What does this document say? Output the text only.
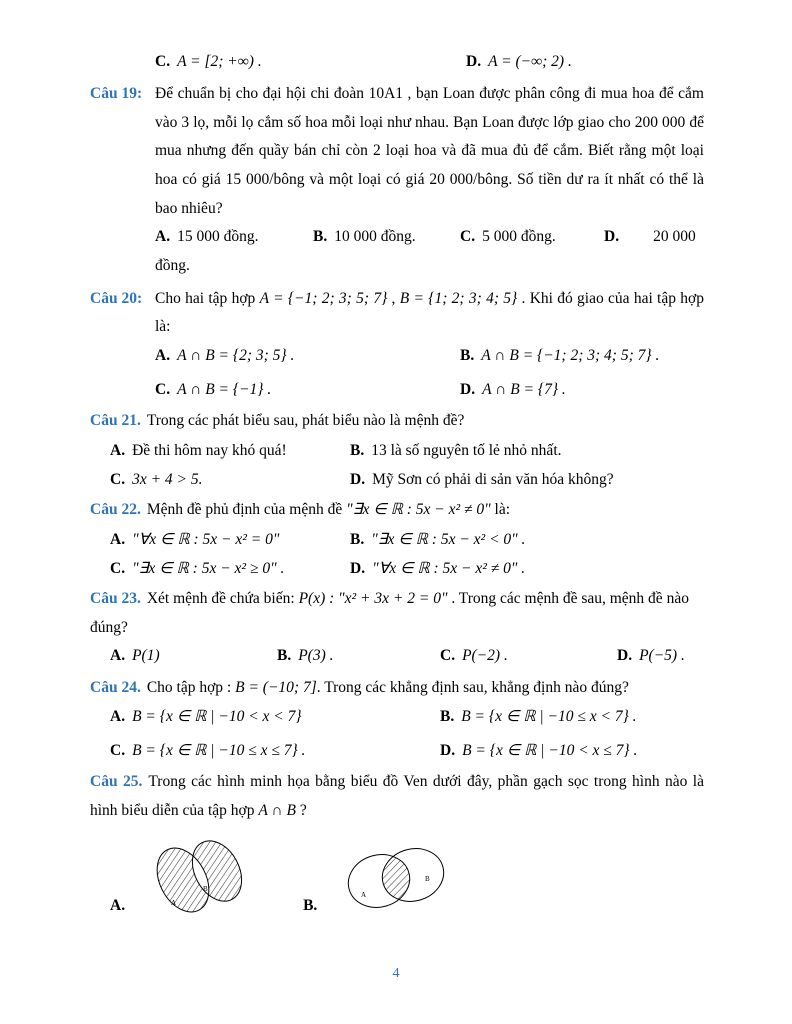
C. A = [2; +∞) .	D. A = (−∞; 2) .
Câu 19: Để chuẩn bị cho đại hội chi đoàn 10A1 , bạn Loan được phân công đi mua hoa để cắm vào 3 lọ, mỗi lọ cắm số hoa mỗi loại như nhau. Bạn Loan được lớp giao cho 200 000 để mua nhưng đến quầy bán chỉ còn 2 loại hoa và đã mua đủ để cắm. Biết rằng một loại hoa có giá 15 000/bông và một loại có giá 20 000/bông. Số tiền dư ra ít nhất có thể là bao nhiêu?
A. 15 000 đồng.	B. 10 000 đồng.	C. 5 000 đồng.	D. 20 000
đồng.
Câu 20: Cho hai tập hợp A = {−1; 2; 3; 5; 7} , B = {1; 2; 3; 4; 5} . Khi đó giao của hai tập hợp là:
A. A ∩ B = {2; 3; 5} .	B. A ∩ B = {−1; 2; 3; 4; 5; 7} .
C. A ∩ B = {−1} .	D. A ∩ B = {7} .
Câu 21. Trong các phát biểu sau, phát biểu nào là mệnh đề?
A. Đề thi hôm nay khó quá!	B. 13 là số nguyên tố lẻ nhỏ nhất.
C. 3x + 4 > 5.	D. Mỹ Sơn có phải di sản văn hóa không?
Câu 22. Mệnh đề phủ định của mệnh đề "∃x ∈ ℝ : 5x − x² ≠ 0" là:
A. "∀x ∈ ℝ : 5x − x² = 0"	B. "∃x ∈ ℝ : 5x − x² < 0" .
C. "∃x ∈ ℝ : 5x − x² ≥ 0" .	D. "∀x ∈ ℝ : 5x − x² ≠ 0" .
Câu 23. Xét mệnh đề chứa biến: P(x) : "x² + 3x + 2 = 0" . Trong các mệnh đề sau, mệnh đề nào đúng?
A. P(1)	B. P(3) .	C. P(−2) .	D. P(−5) .
Câu 24. Cho tập hợp : B = (−10; 7]. Trong các khẳng định sau, khẳng định nào đúng?
A. B = {x ∈ ℝ | −10 < x < 7}	B. B = {x ∈ ℝ | −10 ≤ x < 7} .
C. B = {x ∈ ℝ | −10 ≤ x ≤ 7} .	D. B = {x ∈ ℝ | −10 < x ≤ 7} .
Câu 25. Trong các hình minh họa bằng biểu đồ Ven dưới đây, phần gạch sọc trong hình nào là hình biểu diễn của tập hợp A ∩ B ?
A.	A
B
B.
A
B
4
